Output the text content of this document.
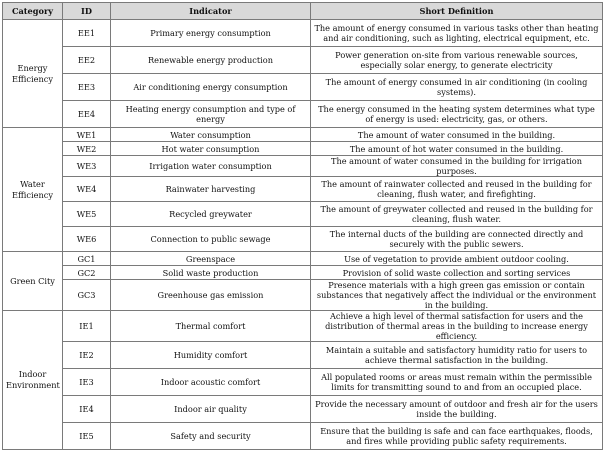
Category	ID	Indicator	Short Definition
Energy Efficiency	EE1	Primary energy consumption	The amount of energy consumed in various tasks other than heating and air conditioning, such as lighting, electrical equipment, etc.
	EE2	Renewable energy production	Power generation on-site from various renewable sources, especially solar energy, to generate electricity
	EE3	Air conditioning energy consumption	The amount of energy consumed in air conditioning (in cooling systems).
	EE4	Heating energy consumption and type of energy	The energy consumed in the heating system determines what type of energy is used: electricity, gas, or others.
Water Efficiency	WE1	Water consumption	The amount of water consumed in the building.
	WE2	Hot water consumption	The amount of hot water consumed in the building.
	WE3	Irrigation water consumption	The amount of water consumed in the building for irrigation purposes.
	WE4	Rainwater harvesting	The amount of rainwater collected and reused in the building for cleaning, flush water, and firefighting.
	WE5	Recycled greywater	The amount of greywater collected and reused in the building for cleaning, flush water.
	WE6	Connection to public sewage	The internal ducts of the building are connected directly and securely with the public sewers.
Green City	GC1	Greenspace	Use of vegetation to provide ambient outdoor cooling.
	GC2	Solid waste production	Provision of solid waste collection and sorting services
	GC3	Greenhouse gas emission	Presence materials with a high green gas emission or contain substances that negatively affect the individual or the environment in the building.
Indoor Environment	IE1	Thermal comfort	Achieve a high level of thermal satisfaction for users and the distribution of thermal areas in the building to increase energy efficiency.
	IE2	Humidity comfort	Maintain a suitable and satisfactory humidity ratio for users to achieve thermal satisfaction in the building.
	IE3	Indoor acoustic comfort	All populated rooms or areas must remain within the permissible limits for transmitting sound to and from an occupied place.
	IE4	Indoor air quality	Provide the necessary amount of outdoor and fresh air for the users inside the building.
	IE5	Safety and security	Ensure that the building is safe and can face earthquakes, floods, and fires while providing public safety requirements.
